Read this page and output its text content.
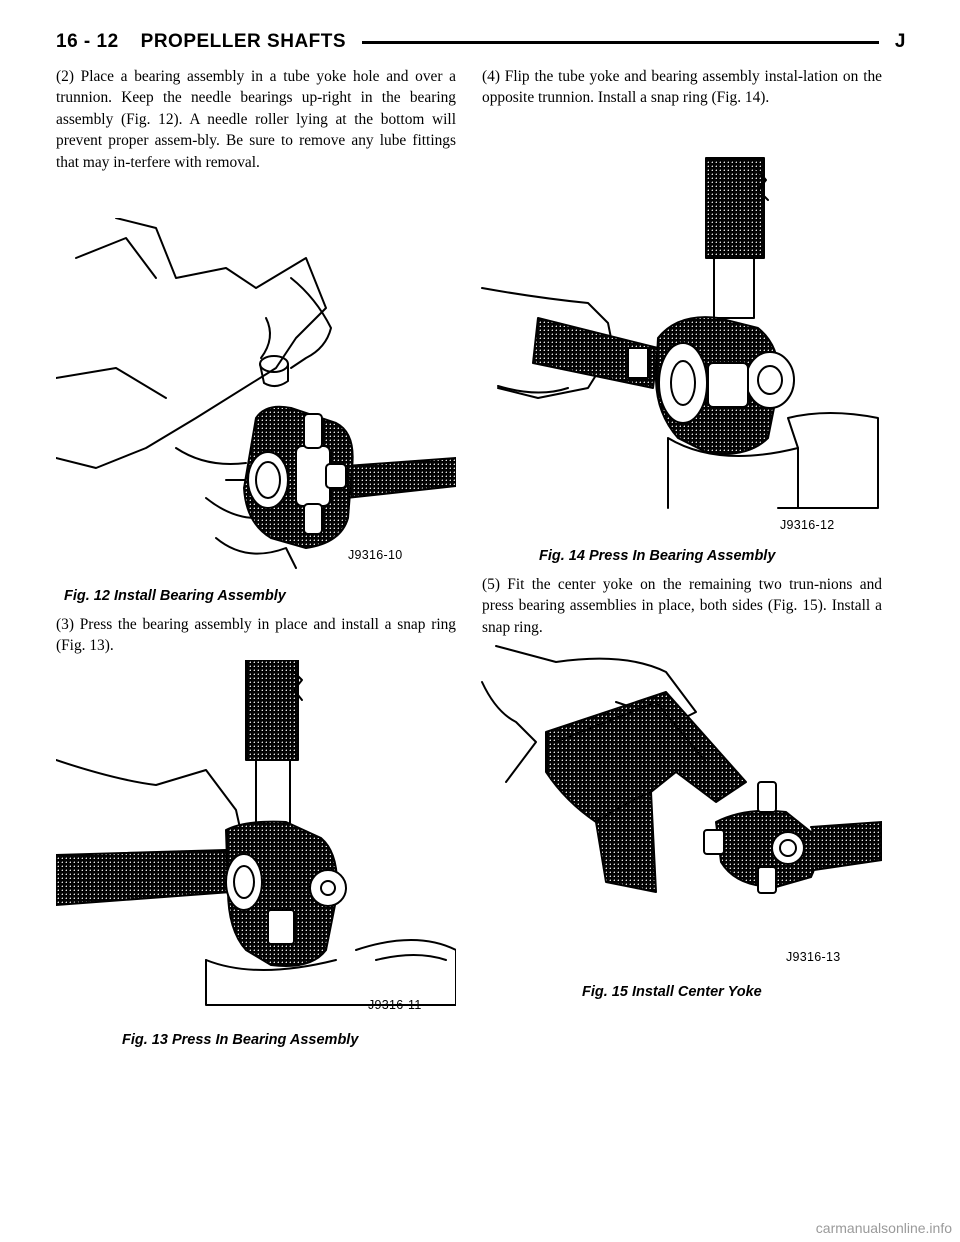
16 - 12 PROPELLER SHAFTS	J

(2) Place a bearing assembly in a tube yoke hole and over a trunnion. Keep the needle bearings up-right in the bearing assembly (Fig. 12). A needle roller lying at the bottom will prevent proper assem-bly. Be sure to remove any lube fittings that may in-terfere with removal.

J9316-10
Fig. 12 Install Bearing Assembly

(3) Press the bearing assembly in place and install a snap ring (Fig. 13).

J9316-11
Fig. 13 Press In Bearing Assembly

(4) Flip the tube yoke and bearing assembly instal-lation on the opposite trunnion. Install a snap ring (Fig. 14).

J9316-12
Fig. 14 Press In Bearing Assembly

(5) Fit the center yoke on the remaining two trun-nions and press bearing assemblies in place, both sides (Fig. 15). Install a snap ring.

J9316-13
Fig. 15 Install Center Yoke
carmanualsonline.info
